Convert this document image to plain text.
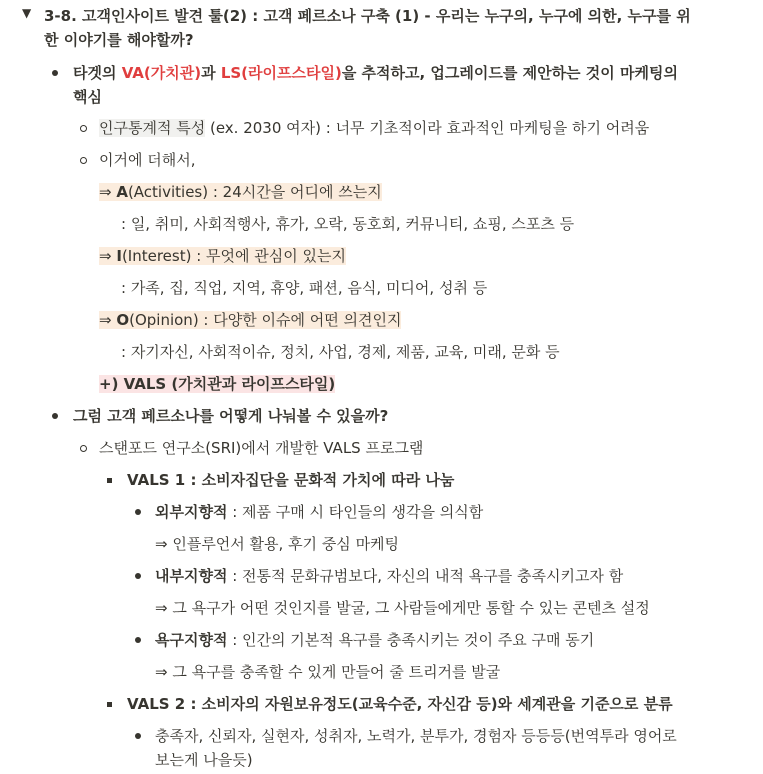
▼ 3-8. 고객인사이트 발견 툴(2) : 고객 페르소나 구축 (1) - 우리는 누구의, 누구에 의한, 누구를 위
한 이야기를 해야할까?
타겟의 VA(가치관)과 LS(라이프스타일)을 추적하고, 업그레이드를 제안하는 것이 마케팅의
핵심
인구통계적 특성 (ex. 2030 여자) : 너무 기초적이라 효과적인 마케팅을 하기 어려움
이거에 더해서,
⇒ A(Activities) : 24시간을 어디에 쓰는지
: 일, 취미, 사회적행사, 휴가, 오락, 동호회, 커뮤니티, 쇼핑, 스포츠 등
⇒ I(Interest) : 무엇에 관심이 있는지
: 가족, 집, 직업, 지역, 휴양, 패션, 음식, 미디어, 성취 등
⇒ O(Opinion) : 다양한 이슈에 어떤 의견인지
: 자기자신, 사회적이슈, 정치, 사업, 경제, 제품, 교육, 미래, 문화 등
+) VALS (가치관과 라이프스타일)
그럼 고객 페르소나를 어떻게 나눠볼 수 있을까?
스탠포드 연구소(SRI)에서 개발한 VALS 프로그램
VALS 1 : 소비자집단을 문화적 가치에 따라 나눔
외부지향적 : 제품 구매 시 타인들의 생각을 의식함
⇒ 인플루언서 활용, 후기 중심 마케팅
내부지향적 : 전통적 문화규범보다, 자신의 내적 욕구를 충족시키고자 함
⇒ 그 욕구가 어떤 것인지를 발굴, 그 사람들에게만 통할 수 있는 콘텐츠 설정
욕구지향적 : 인간의 기본적 욕구를 충족시키는 것이 주요 구매 동기
⇒ 그 욕구를 충족할 수 있게 만들어 줄 트리거를 발굴
VALS 2 : 소비자의 자원보유정도(교육수준, 자신감 등)와 세계관을 기준으로 분류
충족자, 신뢰자, 실현자, 성취자, 노력가, 분투가, 경험자 등등등(번역투라 영어로
보는게 나을듯)
